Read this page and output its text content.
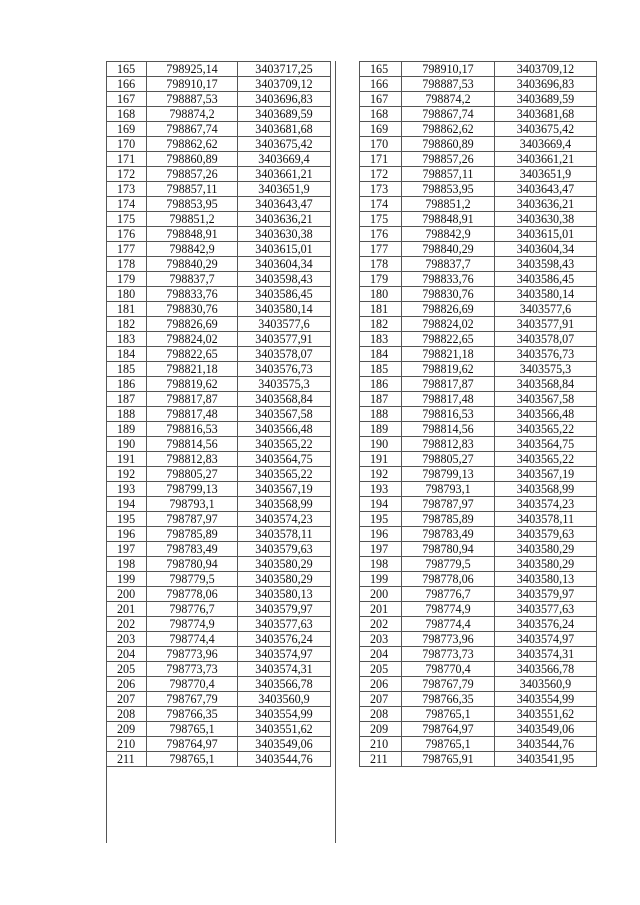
165	798925,14	3403717,25
166	798910,17	3403709,12
167	798887,53	3403696,83
168	798874,2	3403689,59
169	798867,74	3403681,68
170	798862,62	3403675,42
171	798860,89	3403669,4
172	798857,26	3403661,21
173	798857,11	3403651,9
174	798853,95	3403643,47
175	798851,2	3403636,21
176	798848,91	3403630,38
177	798842,9	3403615,01
178	798840,29	3403604,34
179	798837,7	3403598,43
180	798833,76	3403586,45
181	798830,76	3403580,14
182	798826,69	3403577,6
183	798824,02	3403577,91
184	798822,65	3403578,07
185	798821,18	3403576,73
186	798819,62	3403575,3
187	798817,87	3403568,84
188	798817,48	3403567,58
189	798816,53	3403566,48
190	798814,56	3403565,22
191	798812,83	3403564,75
192	798805,27	3403565,22
193	798799,13	3403567,19
194	798793,1	3403568,99
195	798787,97	3403574,23
196	798785,89	3403578,11
197	798783,49	3403579,63
198	798780,94	3403580,29
199	798779,5	3403580,29
200	798778,06	3403580,13
201	798776,7	3403579,97
202	798774,9	3403577,63
203	798774,4	3403576,24
204	798773,96	3403574,97
205	798773,73	3403574,31
206	798770,4	3403566,78
207	798767,79	3403560,9
208	798766,35	3403554,99
209	798765,1	3403551,62
210	798764,97	3403549,06
211	798765,1	3403544,76
165	798910,17	3403709,12
166	798887,53	3403696,83
167	798874,2	3403689,59
168	798867,74	3403681,68
169	798862,62	3403675,42
170	798860,89	3403669,4
171	798857,26	3403661,21
172	798857,11	3403651,9
173	798853,95	3403643,47
174	798851,2	3403636,21
175	798848,91	3403630,38
176	798842,9	3403615,01
177	798840,29	3403604,34
178	798837,7	3403598,43
179	798833,76	3403586,45
180	798830,76	3403580,14
181	798826,69	3403577,6
182	798824,02	3403577,91
183	798822,65	3403578,07
184	798821,18	3403576,73
185	798819,62	3403575,3
186	798817,87	3403568,84
187	798817,48	3403567,58
188	798816,53	3403566,48
189	798814,56	3403565,22
190	798812,83	3403564,75
191	798805,27	3403565,22
192	798799,13	3403567,19
193	798793,1	3403568,99
194	798787,97	3403574,23
195	798785,89	3403578,11
196	798783,49	3403579,63
197	798780,94	3403580,29
198	798779,5	3403580,29
199	798778,06	3403580,13
200	798776,7	3403579,97
201	798774,9	3403577,63
202	798774,4	3403576,24
203	798773,96	3403574,97
204	798773,73	3403574,31
205	798770,4	3403566,78
206	798767,79	3403560,9
207	798766,35	3403554,99
208	798765,1	3403551,62
209	798764,97	3403549,06
210	798765,1	3403544,76
211	798765,91	3403541,95
